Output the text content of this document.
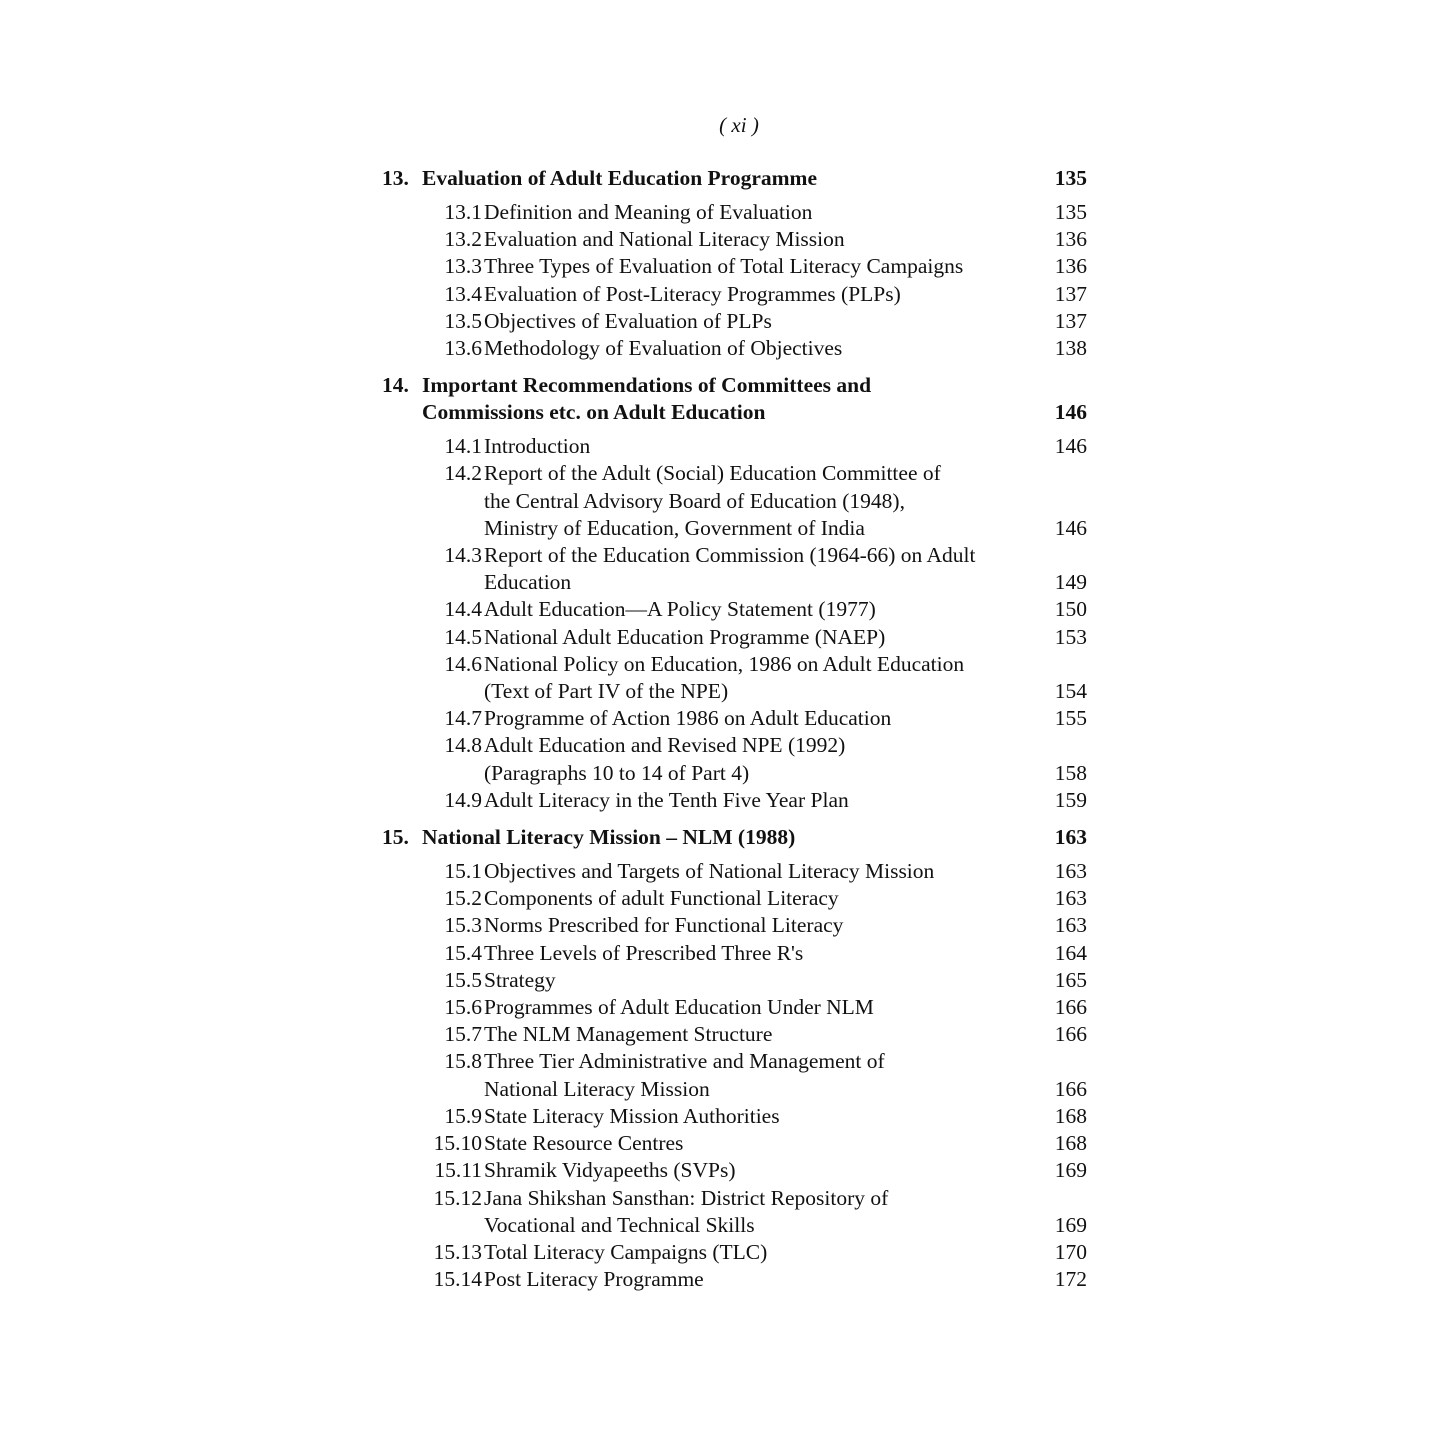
( xi )
13. Evaluation of Adult Education Programme	135
13.1 Definition and Meaning of Evaluation	135
13.2 Evaluation and National Literacy Mission	136
13.3 Three Types of Evaluation of Total Literacy Campaigns	136
13.4 Evaluation of Post-Literacy Programmes (PLPs)	137
13.5 Objectives of Evaluation of PLPs	137
13.6 Methodology of Evaluation of Objectives	138
14. Important Recommendations of Committees and
Commissions etc. on Adult Education	146
14.1 Introduction	146
14.2 Report of the Adult (Social) Education Committee of
the Central Advisory Board of Education (1948),
Ministry of Education, Government of India	146
14.3 Report of the Education Commission (1964-66) on Adult
Education	149
14.4 Adult Education—A Policy Statement (1977)	150
14.5 National Adult Education Programme (NAEP)	153
14.6 National Policy on Education, 1986 on Adult Education
(Text of Part IV of the NPE)	154
14.7 Programme of Action 1986 on Adult Education	155
14.8 Adult Education and Revised NPE (1992)
(Paragraphs 10 to 14 of Part 4)	158
14.9 Adult Literacy in the Tenth Five Year Plan	159
15. National Literacy Mission – NLM (1988)	163
15.1 Objectives and Targets of National Literacy Mission	163
15.2 Components of adult Functional Literacy	163
15.3 Norms Prescribed for Functional Literacy	163
15.4 Three Levels of Prescribed Three R's	164
15.5 Strategy	165
15.6 Programmes of Adult Education Under NLM	166
15.7 The NLM Management Structure	166
15.8 Three Tier Administrative and Management of
National Literacy Mission	166
15.9 State Literacy Mission Authorities	168
15.10 State Resource Centres	168
15.11 Shramik Vidyapeeths (SVPs)	169
15.12 Jana Shikshan Sansthan: District Repository of
Vocational and Technical Skills	169
15.13 Total Literacy Campaigns (TLC)	170
15.14 Post Literacy Programme	172
